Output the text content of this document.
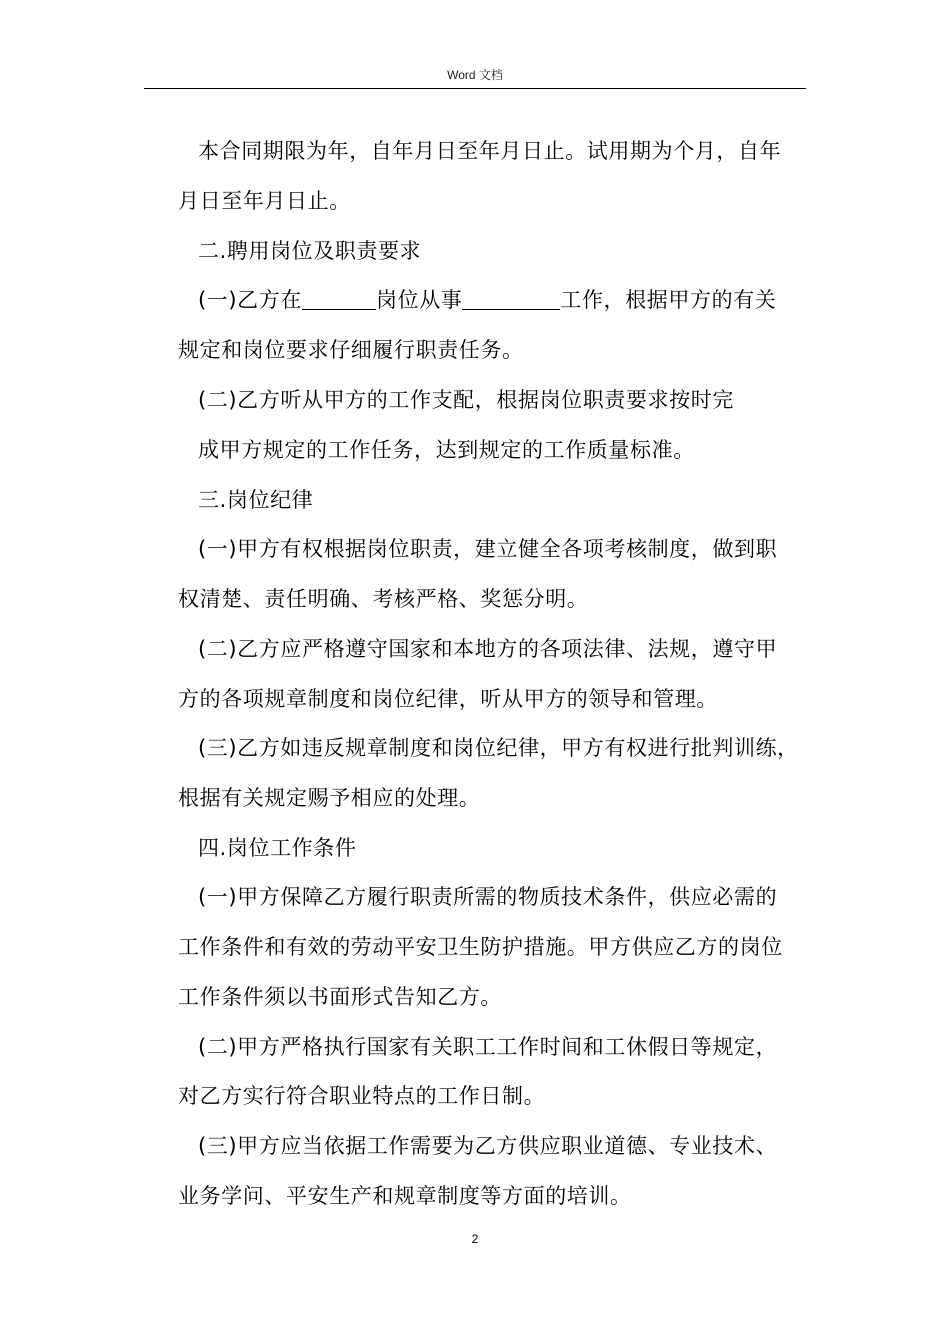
Word 文档
本合同期限为年，自年月日至年月日止。试用期为个月，自年
月日至年月日止。
二.聘用岗位及职责要求
(一)乙方在	岗位从事	工作，根据甲方的有关
规定和岗位要求仔细履行职责任务。
(二)乙方听从甲方的工作支配，根据岗位职责要求按时完
成甲方规定的工作任务，达到规定的工作质量标准。
三.岗位纪律
(一)甲方有权根据岗位职责，建立健全各项考核制度，做到职
权清楚、责任明确、考核严格、奖惩分明。
(二)乙方应严格遵守国家和本地方的各项法律、法规，遵守甲
方的各项规章制度和岗位纪律，听从甲方的领导和管理。
(三)乙方如违反规章制度和岗位纪律，甲方有权进行批判训练，
根据有关规定赐予相应的处理。
四.岗位工作条件
(一)甲方保障乙方履行职责所需的物质技术条件，供应必需的
工作条件和有效的劳动平安卫生防护措施。甲方供应乙方的岗位
工作条件须以书面形式告知乙方。
(二)甲方严格执行国家有关职工工作时间和工休假日等规定，
对乙方实行符合职业特点的工作日制。
(三)甲方应当依据工作需要为乙方供应职业道德、专业技术、
业务学问、平安生产和规章制度等方面的培训。
2
